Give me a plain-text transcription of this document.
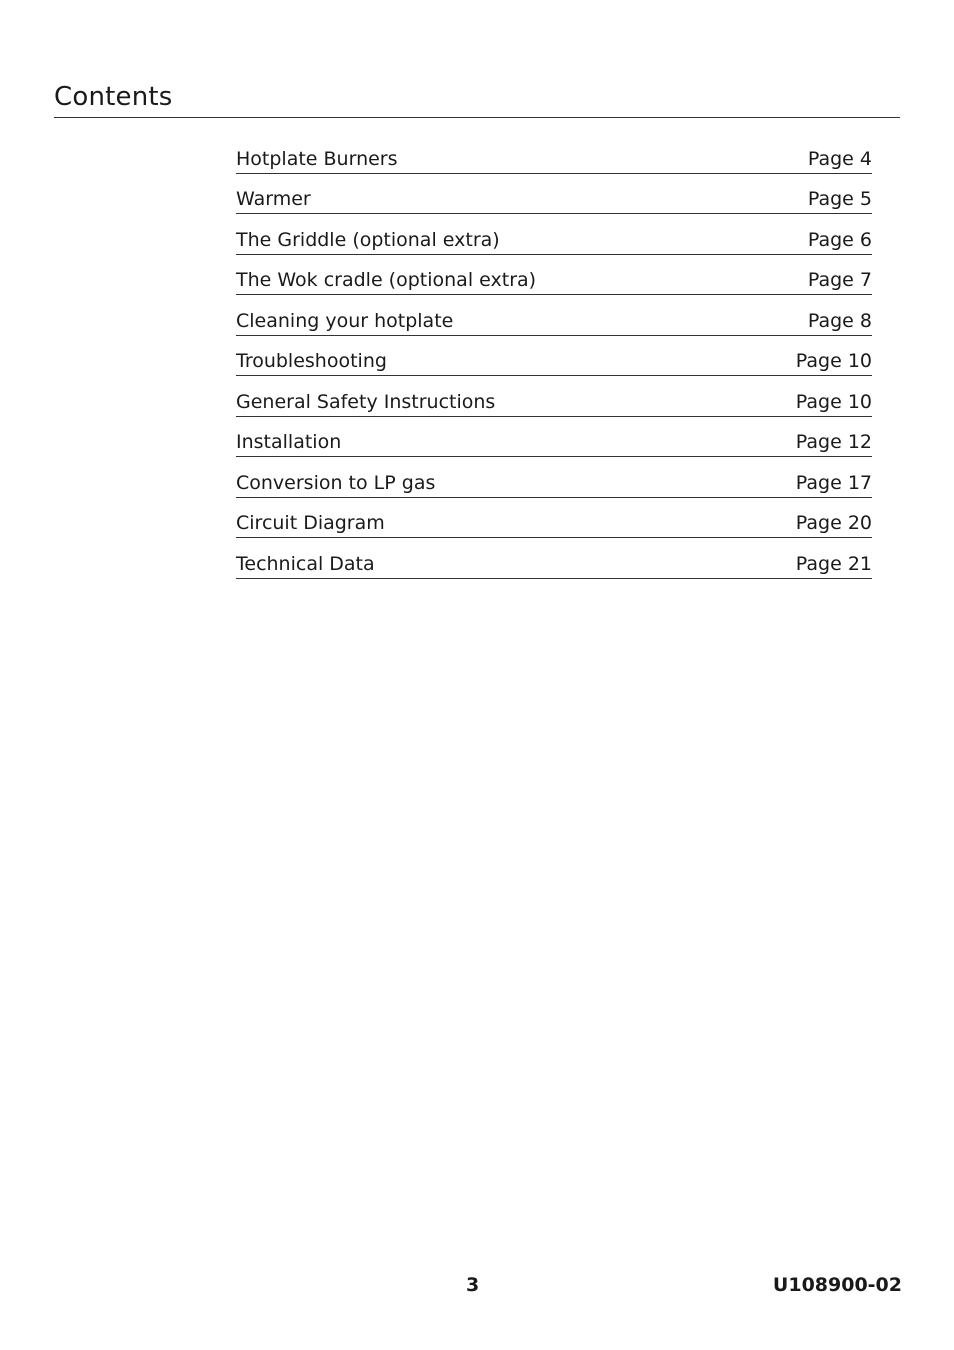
Contents
Hotplate Burners	Page 4
Warmer	Page 5
The Griddle (optional extra)	Page 6
The Wok cradle (optional extra)	Page 7
Cleaning your hotplate	Page 8
Troubleshooting	Page 10
General Safety Instructions	Page 10
Installation	Page 12
Conversion to LP gas	Page 17
Circuit Diagram	Page 20
Technical Data	Page 21
3	U108900-02
